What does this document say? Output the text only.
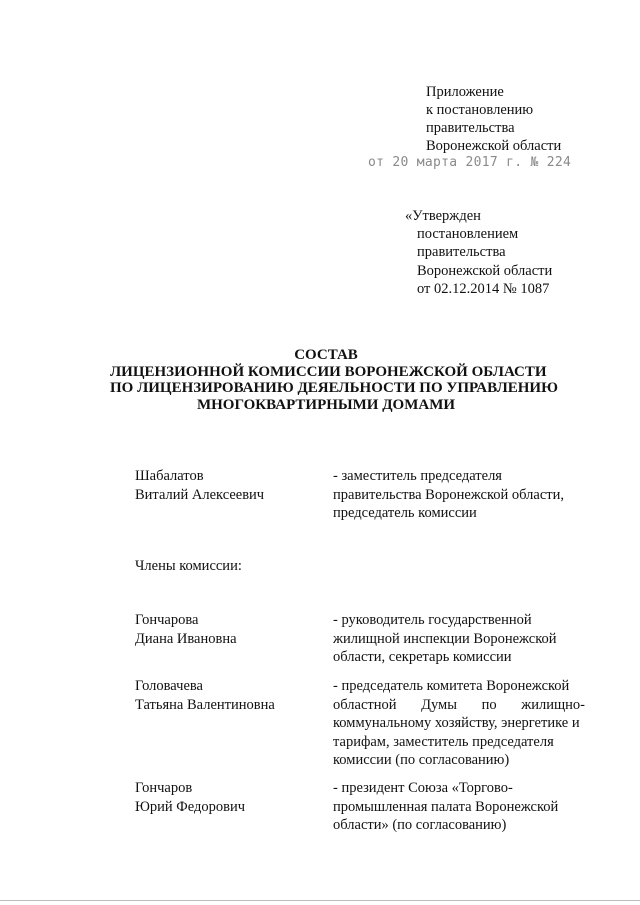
Приложение
к постановлению
правительства
Воронежской области
от 20 марта 2017 г. № 224
«Утвержден
постановлением
правительства
Воронежской области
от 02.12.2014 № 1087
СОСТАВ
ЛИЦЕНЗИОННОЙ КОМИССИИ ВОРОНЕЖСКОЙ ОБЛАСТИ
ПО ЛИЦЕНЗИРОВАНИЮ ДЕЯЕЛЬНОСТИ ПО УПРАВЛЕНИЮ
МНОГОКВАРТИРНЫМИ ДОМАМИ
Шабалатов
Виталий Алексеевич
- заместитель председателя
правительства Воронежской области,
председатель комиссии
Члены комиссии:
Гончарова
Диана Ивановна
- руководитель государственной
жилищной инспекции Воронежской
области, секретарь комиссии
Головачева
Татьяна Валентиновна
- председатель комитета Воронежской
областной Думы по жилищно-
коммунальному хозяйству, энергетике и
тарифам, заместитель председателя
комиссии (по согласованию)
Гончаров
Юрий Федорович
- президент Союза «Торгово-
промышленная палата Воронежской
области» (по согласованию)
